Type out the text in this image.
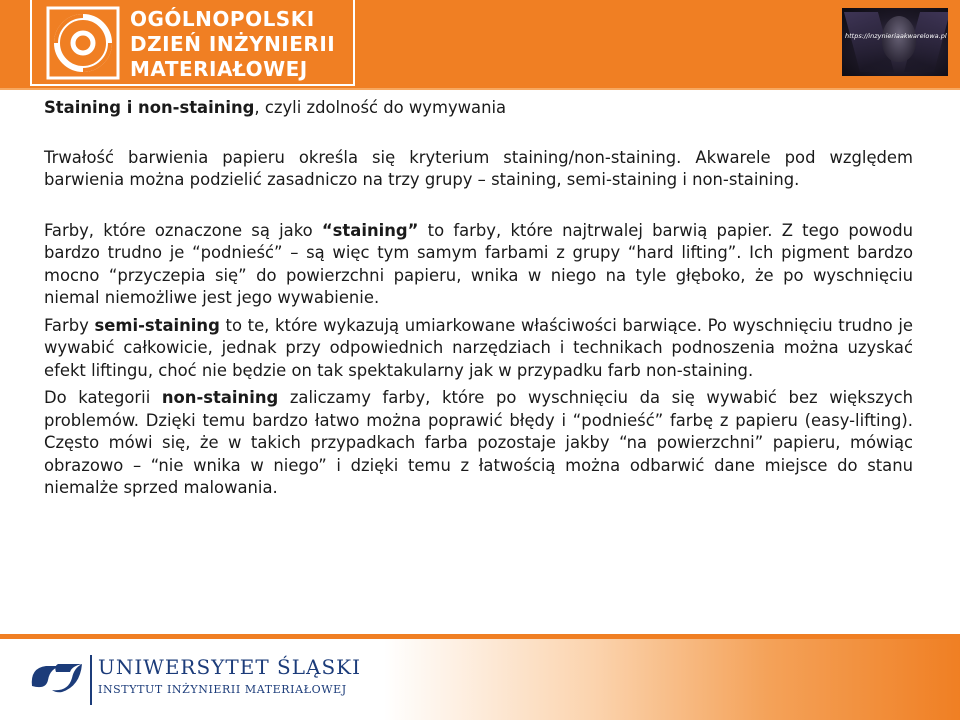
OGÓLNOPOLSKI
DZIEŃ INŻYNIERII
MATERIAŁOWEJ
https://inzynieriaakwarelowa.pl

Staining i non-staining, czyli zdolność do wymywania

Trwałość barwienia papieru określa się kryterium staining/non-staining. Akwarele pod względem barwienia można podzielić zasadniczo na trzy grupy – staining, semi-staining i non-staining.

Farby, które oznaczone są jako “staining” to farby, które najtrwalej barwią papier. Z tego powodu bardzo trudno je “podnieść” – są więc tym samym farbami z grupy “hard lifting”. Ich pigment bardzo mocno “przyczepia się” do powierzchni papieru, wnika w niego na tyle głęboko, że po wyschnięciu niemal niemożliwe jest jego wywabienie.

Farby semi-staining to te, które wykazują umiarkowane właściwości barwiące. Po wyschnięciu trudno je wywabić całkowicie, jednak przy odpowiednich narzędziach i technikach podnoszenia można uzyskać efekt liftingu, choć nie będzie on tak spektakularny jak w przypadku farb non-staining.

Do kategorii non-staining zaliczamy farby, które po wyschnięciu da się wywabić bez większych problemów. Dzięki temu bardzo łatwo można poprawić błędy i “podnieść” farbę z papieru (easy-lifting). Często mówi się, że w takich przypadkach farba pozostaje jakby “na powierzchni” papieru, mówiąc obrazowo – “nie wnika w niego” i dzięki temu z łatwością można odbarwić dane miejsce do stanu niemalże sprzed malowania.

UNIWERSYTET ŚLĄSKI
INSTYTUT INŻYNIERII MATERIAŁOWEJ
